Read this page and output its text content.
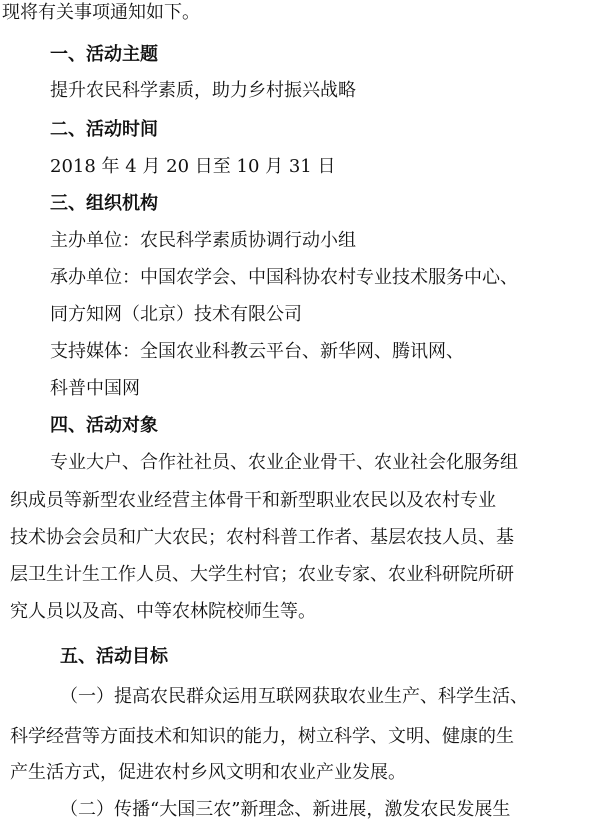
现将有关事项通知如下。
一、活动主题
提升农民科学素质，助力乡村振兴战略
二、活动时间
2018 年 4 月 20 日至 10 月 31 日
三、组织机构
主办单位：农民科学素质协调行动小组
承办单位：中国农学会、中国科协农村专业技术服务中心、
同方知网（北京）技术有限公司
支持媒体：全国农业科教云平台、新华网、腾讯网、
科普中国网
四、活动对象
专业大户、合作社社员、农业企业骨干、农业社会化服务组
织成员等新型农业经营主体骨干和新型职业农民以及农村专业
技术协会会员和广大农民；农村科普工作者、基层农技人员、基
层卫生计生工作人员、大学生村官；农业专家、农业科研院所研
究人员以及高、中等农林院校师生等。
五、活动目标
（一）提高农民群众运用互联网获取农业生产、科学生活、
科学经营等方面技术和知识的能力，树立科学、文明、健康的生
产生活方式，促进农村乡风文明和农业产业发展。
（二）传播“大国三农”新理念、新进展，激发农民发展生
